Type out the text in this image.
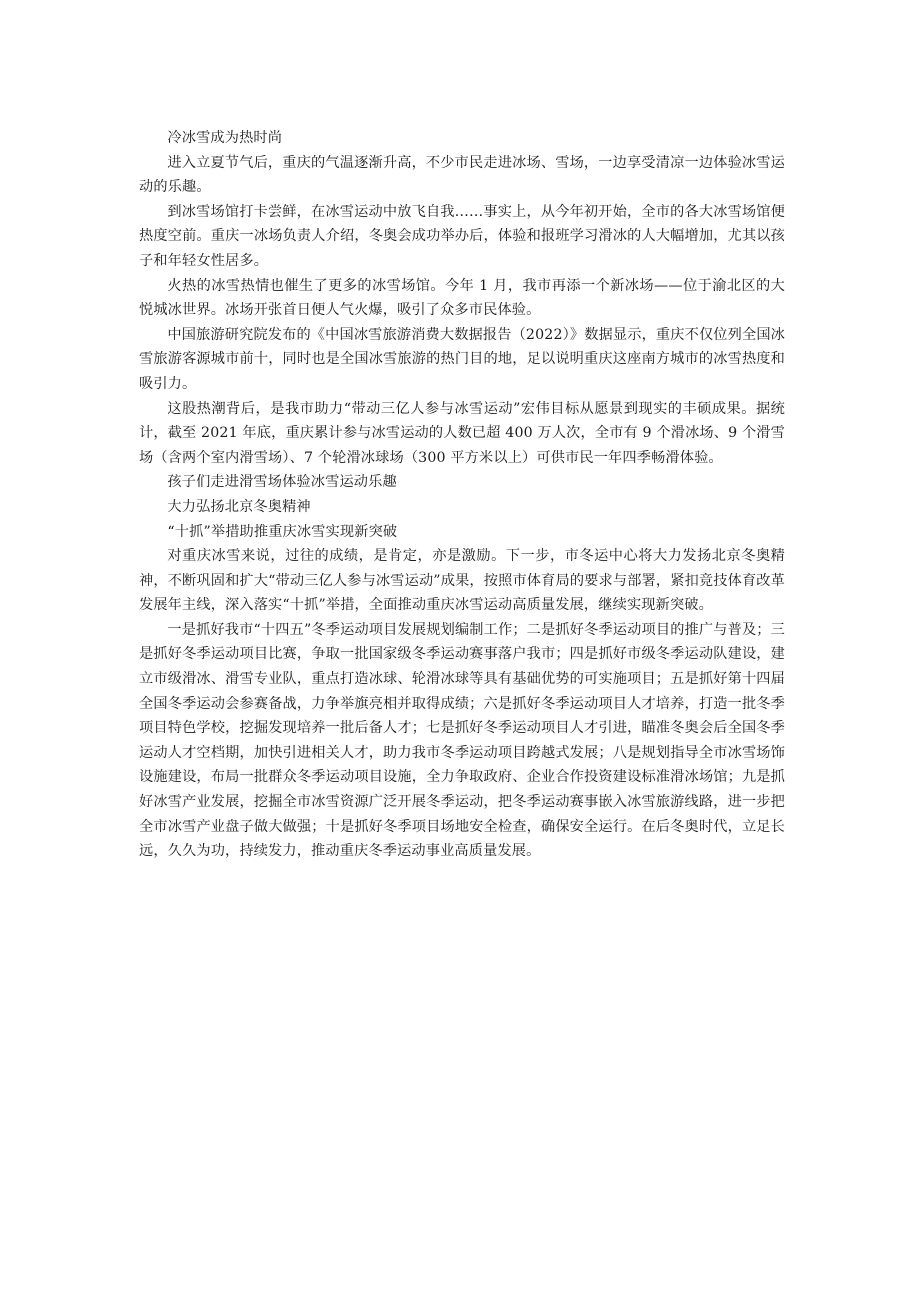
冷冰雪成为热时尚

进入立夏节气后，重庆的气温逐渐升高，不少市民走进冰场、雪场，一边享受清凉一边体验冰雪运动的乐趣。

到冰雪场馆打卡尝鲜，在冰雪运动中放飞自我……事实上，从今年初开始，全市的各大冰雪场馆便热度空前。重庆一冰场负责人介绍，冬奥会成功举办后，体验和报班学习滑冰的人大幅增加，尤其以孩子和年轻女性居多。

火热的冰雪热情也催生了更多的冰雪场馆。今年 1 月，我市再添一个新冰场——位于渝北区的大悦城冰世界。冰场开张首日便人气火爆，吸引了众多市民体验。

中国旅游研究院发布的《中国冰雪旅游消费大数据报告（2022）》数据显示，重庆不仅位列全国冰雪旅游客源城市前十，同时也是全国冰雪旅游的热门目的地，足以说明重庆这座南方城市的冰雪热度和吸引力。

这股热潮背后，是我市助力“带动三亿人参与冰雪运动”宏伟目标从愿景到现实的丰硕成果。据统计，截至 2021 年底，重庆累计参与冰雪运动的人数已超 400 万人次，全市有 9 个滑冰场、9 个滑雪场（含两个室内滑雪场）、7 个轮滑冰球场（300 平方米以上）可供市民一年四季畅滑体验。

孩子们走进滑雪场体验冰雪运动乐趣

大力弘扬北京冬奥精神

“十抓”举措助推重庆冰雪实现新突破

对重庆冰雪来说，过往的成绩，是肯定，亦是激励。下一步，市冬运中心将大力发扬北京冬奥精神，不断巩固和扩大“带动三亿人参与冰雪运动”成果，按照市体育局的要求与部署，紧扣竞技体育改革发展年主线，深入落实“十抓”举措，全面推动重庆冰雪运动高质量发展，继续实现新突破。

一是抓好我市“十四五”冬季运动项目发展规划编制工作；二是抓好冬季运动项目的推广与普及；三是抓好冬季运动项目比赛，争取一批国家级冬季运动赛事落户我市；四是抓好市级冬季运动队建设，建立市级滑冰、滑雪专业队，重点打造冰球、轮滑冰球等具有基础优势的可实施项目；五是抓好第十四届全国冬季运动会参赛备战，力争举旗亮相并取得成绩；六是抓好冬季运动项目人才培养，打造一批冬季项目特色学校，挖掘发现培养一批后备人才；七是抓好冬季运动项目人才引进，瞄准冬奥会后全国冬季运动人才空档期，加快引进相关人才，助力我市冬季运动项目跨越式发展；八是规划指导全市冰雪场饰设施建设，布局一批群众冬季运动项目设施，全力争取政府、企业合作投资建设标准滑冰场馆；九是抓好冰雪产业发展，挖掘全市冰雪资源广泛开展冬季运动，把冬季运动赛事嵌入冰雪旅游线路，进一步把全市冰雪产业盘子做大做强；十是抓好冬季项目场地安全检查，确保安全运行。在后冬奥时代，立足长远，久久为功，持续发力，推动重庆冬季运动事业高质量发展。
